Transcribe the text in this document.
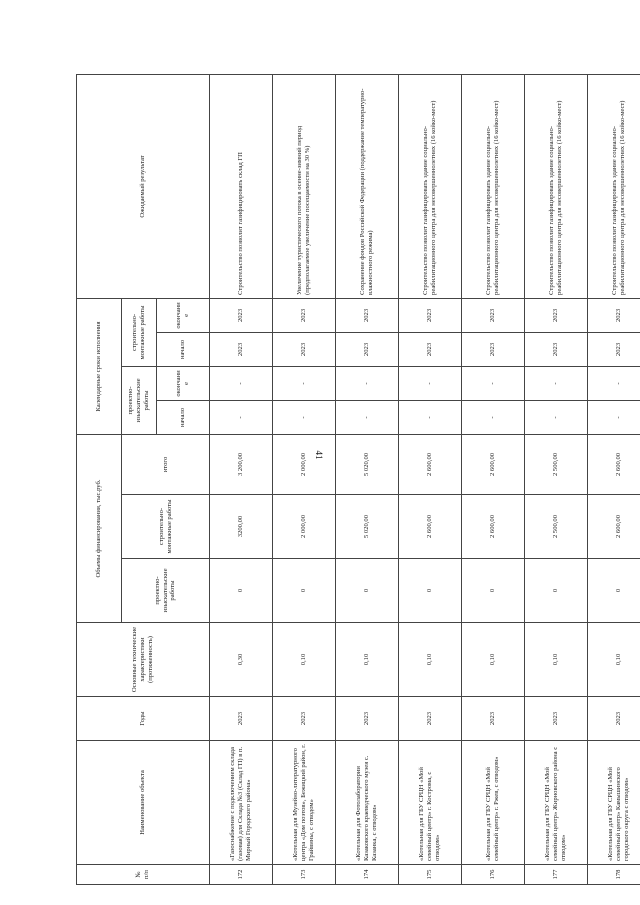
41
№ п/п	Наименование объекта	Годы	Основные технические характеристики (протяженность)	Объемы финансирования, тыс.руб.			Календарные сроки исполнения				Ожидаемый результат
				проектно-изыскательские работы	строительно-монтажные работы	итого	проектно-изыскательские работы		строительно-монтажные работы		
							начало	окончание	начало	окончание	
172	«Газоснабжение с подключением склада (газовая) для Склада №3 (Склад ГП) в п. Мирный Городского района»	2023	0,30	0	3200,00	3 200,00	-	-	2023	2023	Строительство позволит газифицировать склад ГП
173	«Котельная для Музейно-литературного центра «Дом поэтов», Бежицкий район, г. Грайвины, с отводом»	2023	0,10	0	2 000,00	2 000,00	-	-	2023	2023	Увеличение туристического потока в осенне-зимний период (предполагаемое увеличение посещаемости на 30 %)
174	«Котельная для Фотолаборатории Казаковского краеведческого музея с. Казанка, с отводом»	2023	0,10	0	5 020,00	5 020,00	-	-	2023	2023	Сохранение фондов Российской Федерации (поддержание температурно-влажностного режима)
175	«Котельная для ГБУ СРЦН «Мой семейный центр» г. Кострома, с отводом»	2023	0,10	0	2 600,00	2 600,00	-	-	2023	2023	Строительство позволит газифицировать здание социально-реабилитационного центра для несовершеннолетних (16 койко-мест)
176	«Котельная для ГБУ СРЦН «Мой семейный центр» г. Ржев, с отводом»	2023	0,10	0	2 600,00	2 600,00	-	-	2023	2023	Строительство позволит газифицировать здание социально-реабилитационного центра для несовершеннолетних (16 койко-мест)
177	«Котельная для ГБУ СРЦН «Мой семейный центр» Жирновского района с отводом»	2023	0,10	0	2 500,00	2 500,00	-	-	2023	2023	Строительство позволит газифицировать здание социально-реабилитационного центра для несовершеннолетних (16 койко-мест)
178	«Котельная для ГБУ СРЦН «Мой семейный центр» Камышинского городского округа с отводом»	2023	0,10	0	2 600,00	2 600,00	-	-	2023	2023	Строительство позволит газифицировать здание социально-реабилитационного центра для несовершеннолетних (16 койко-мест)
